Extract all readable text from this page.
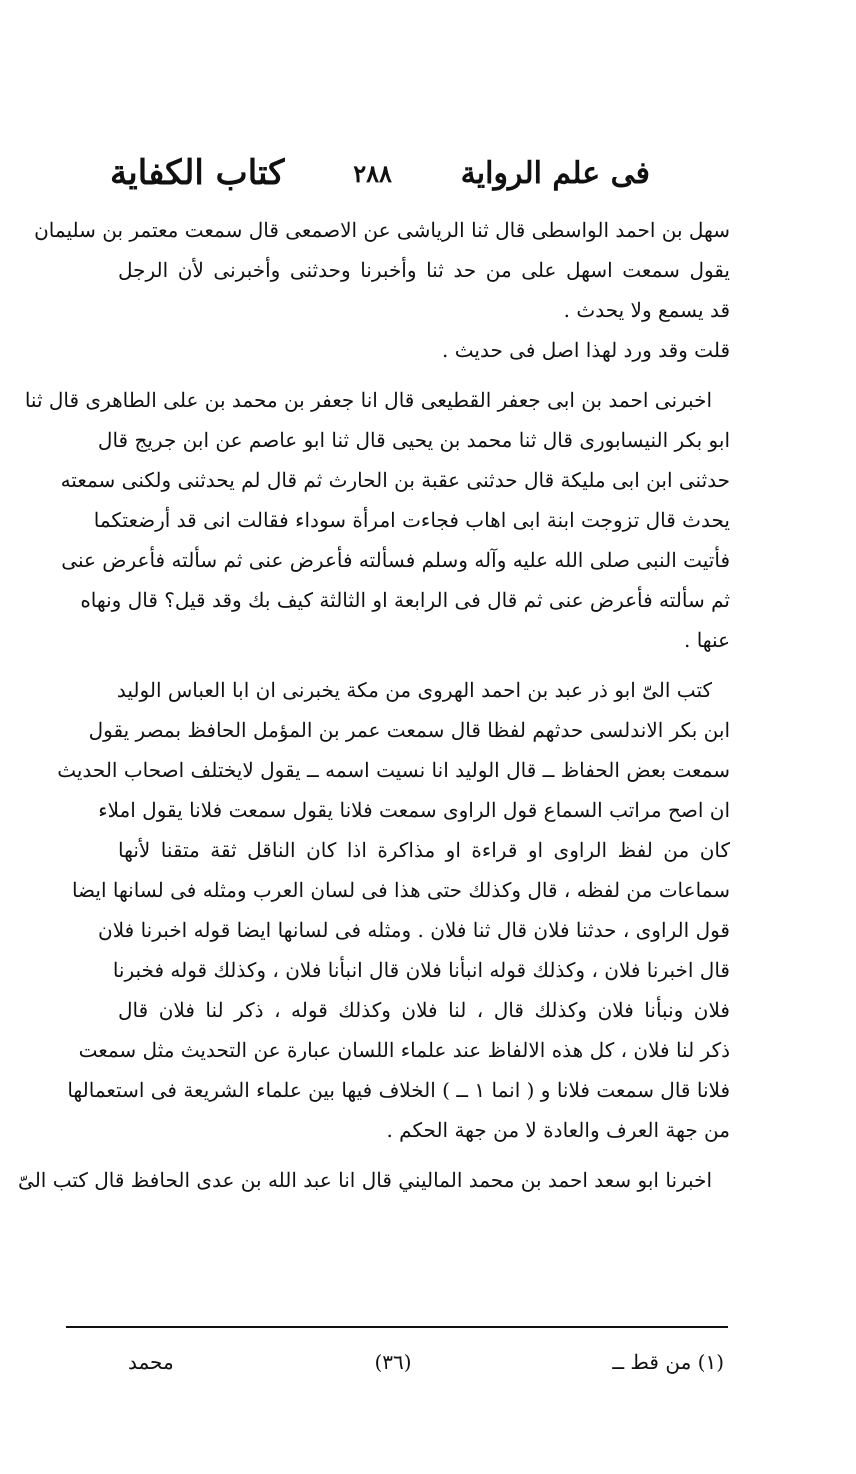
فى علم الرواية
٢٨٨
كتاب الكفاية
سهل بن احمد الواسطى قال ثنا الرياشى عن الاصمعى قال سمعت معتمر بن سليمان
يقول سمعت اسهل على من حد ثنا وأخبرنا وحدثنى وأخبرنى لأن الرجل
قد يسمع ولا يحدث .
قلت وقد ورد لهذا اصل فى حديث .
اخبرنى احمد بن ابى جعفر القطيعى قال انا جعفر بن محمد بن على الطاهرى قال ثنا
ابو بكر النيسابورى قال ثنا محمد بن يحيى قال ثنا ابو عاصم عن ابن جريج قال
حدثنى ابن ابى مليكة قال حدثنى عقبة بن الحارث ثم قال لم يحدثنى ولكنى سمعته
يحدث قال تزوجت ابنة ابى اهاب فجاءت امرأة سوداء فقالت انى قد أرضعتكما
فأتيت النبى صلى الله عليه وآله وسلم فسألته فأعرض عنى ثم سألته فأعرض عنى
ثم سألته فأعرض عنى ثم قال فى الرابعة او الثالثة كيف بك وقد قيل؟ قال ونهاه
عنها .
كتب الىّ ابو ذر عبد بن احمد الهروى من مكة يخبرنى ان ابا العباس الوليد
ابن بكر الاندلسى حدثهم لفظا قال سمعت عمر بن المؤمل الحافظ بمصر يقول
سمعت بعض الحفاظ ــ قال الوليد انا نسيت اسمه ــ يقول لايختلف اصحاب الحديث
ان اصح مراتب السماع قول الراوى سمعت فلانا يقول سمعت فلانا يقول املاء
كان من لفظ الراوى او قراءة او مذاكرة اذا كان الناقل ثقة متقنا لأنها
سماعات من لفظه ، قال وكذلك حتى هذا فى لسان العرب ومثله فى لسانها ايضا
قول الراوى ، حدثنا فلان قال ثنا فلان . ومثله فى لسانها ايضا قوله اخبرنا فلان
قال اخبرنا فلان ، وكذلك قوله انبأنا فلان قال انبأنا فلان ، وكذلك قوله فخبرنا
فلان ونبأنا فلان وكذلك قال ، لنا فلان وكذلك قوله ، ذكر لنا فلان قال
ذكر لنا فلان ، كل هذه الالفاظ عند علماء اللسان عبارة عن التحديث مثل سمعت
فلانا قال سمعت فلانا و ( انما ١ ــ ) الخلاف فيها بين علماء الشريعة فى استعمالها
من جهة العرف والعادة لا من جهة الحكم .
اخبرنا ابو سعد احمد بن محمد الماليني قال انا عبد الله بن عدى الحافظ قال كتب الىّ
(١) من قط ــ
(٣٦)
محمد
